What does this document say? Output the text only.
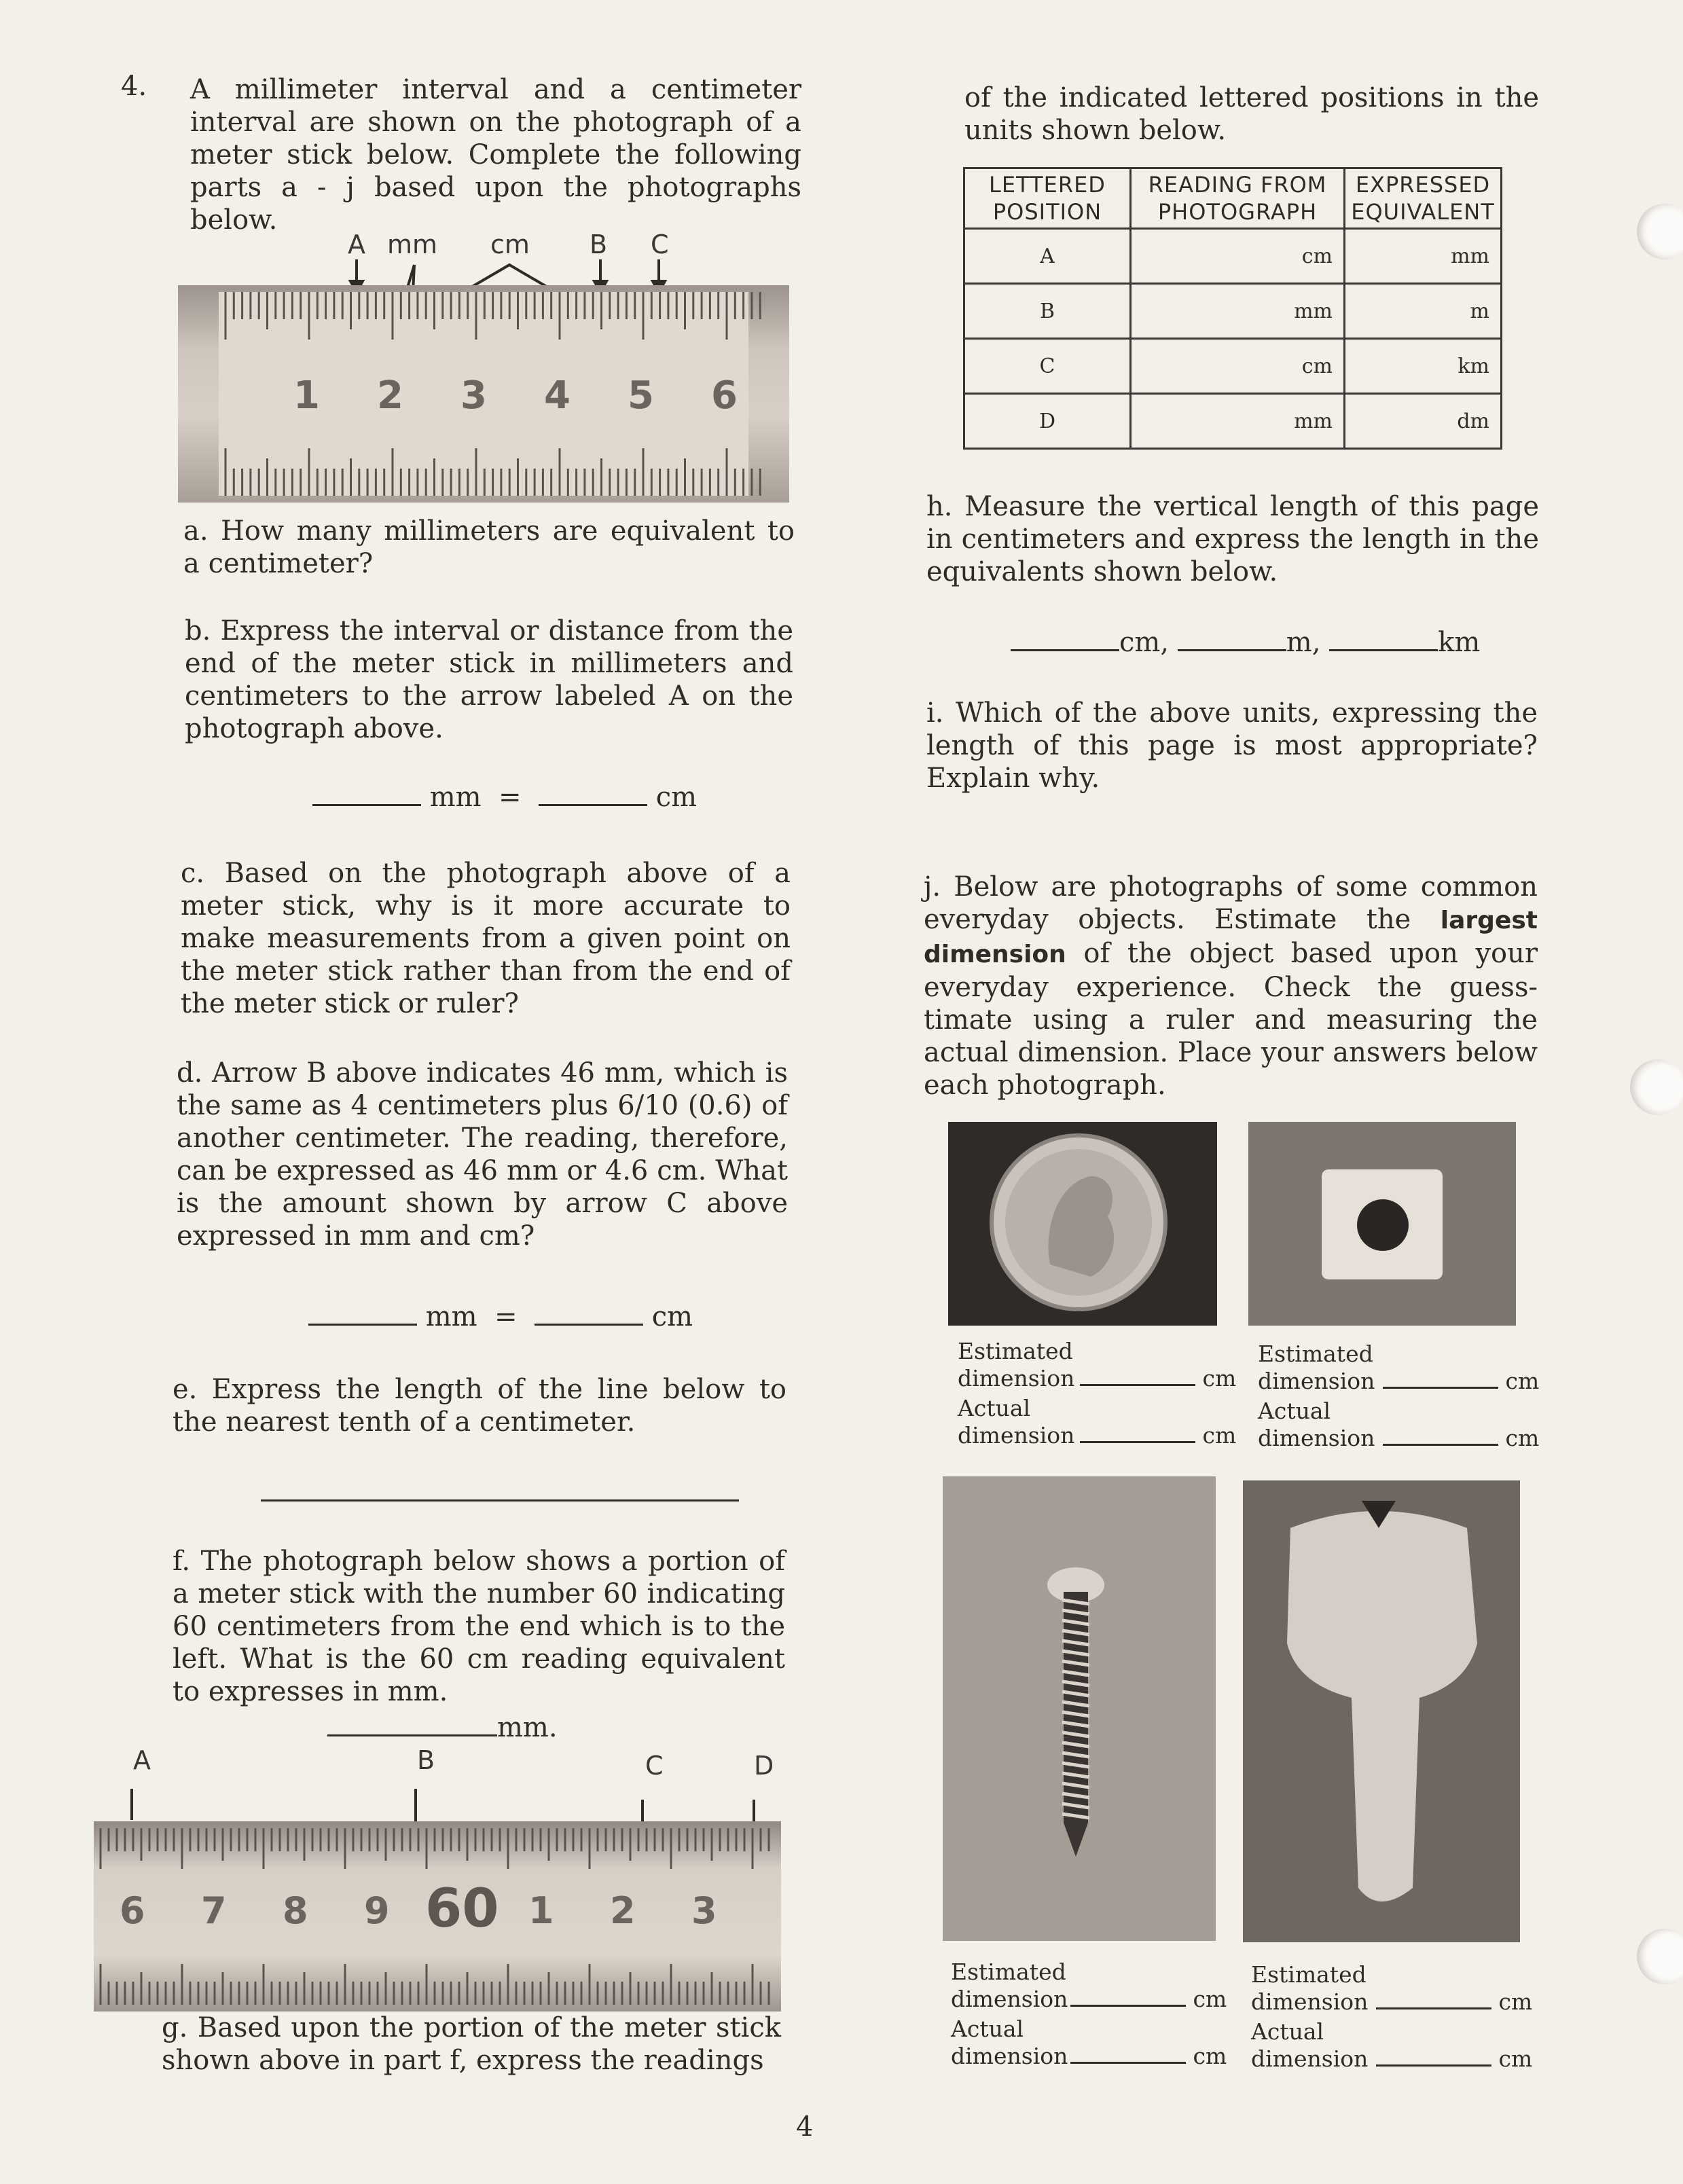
4. A millimeter interval and a centimeter interval are shown on the photograph of a meter stick below. Complete the following parts a - j based upon the photographs below.
A mm cm B C
1 2 3 4 5 6
a. How many millimeters are equivalent to a centimeter?
b. Express the interval or distance from the end of the meter stick in millimeters and centimeters to the arrow labeled A on the photograph above.
mm =	cm
c. Based on the photograph above of a meter stick, why is it more accurate to make measurements from a given point on the meter stick rather than from the end of the meter stick or ruler?
d. Arrow B above indicates 46 mm, which is the same as 4 centimeters plus 6/10 (0.6) of another centimeter. The reading, therefore, can be expressed as 46 mm or 4.6 cm. What is the amount shown by arrow C above expressed in mm and cm?
mm =	cm
e. Express the length of the line below to the nearest tenth of a centimeter.
f. The photograph below shows a portion of a meter stick with the number 60 indicating 60 centimeters from the end which is to the left. What is the 60 cm reading equivalent to expresses in mm.
mm.
A	B	C	D
6 7 8 9 60 1 2 3
g. Based upon the portion of the meter stick shown above in part f, express the readings
of the indicated lettered positions in the units shown below.
LETTERED POSITION	READING FROM PHOTOGRAPH	EXPRESSED EQUIVALENT
A	cm	mm
B	mm	m
C	cm	km
D	mm	dm
h. Measure the vertical length of this page in centimeters and express the length in the equivalents shown below.
cm,	m,	km
i. Which of the above units, expressing the length of this page is most appropriate? Explain why.
j. Below are photographs of some common everyday objects. Estimate the largest dimension of the object based upon your everyday experience. Check the guess-timate using a ruler and measuring the actual dimension. Place your answers below each photograph.
Estimated dimension	cm
Actual dimension	cm
Estimated dimension	cm
Actual dimension	cm
Estimated dimension	cm
Actual dimension	cm
Estimated dimension	cm
Actual dimension	cm
4
